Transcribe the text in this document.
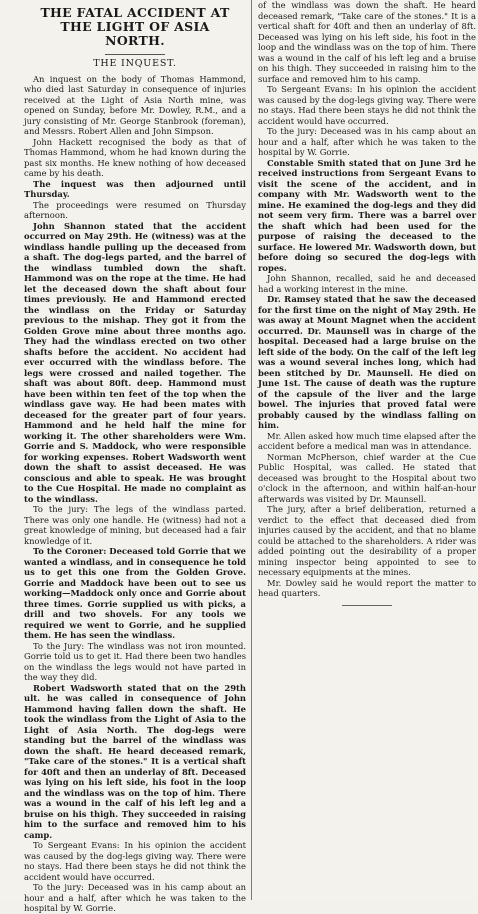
THE FATAL ACCIDENT AT
THE LIGHT OF ASIA
NORTH.
THE INQUEST.

An inquest on the body of Thomas Hammond, who died last Saturday in consequence of injuries received at the Light of Asia North mine, was opened on Sunday, before Mr. Dowley, R.M., and a jury consisting of Mr. George Stanbrook (foreman), and Messrs. Robert Allen and John Simpson.

John Hackett recognised the body as that of Thomas Hammond, whom he had known during the past six months. He knew nothing of how deceased came by his death.

The inquest was then adjourned until Thursday.

The proceedings were resumed on Thursday afternoon.

John Shannon stated that the accident occurred on May 29th. He (witness) was at the windlass handle pulling up the deceased from a shaft. The dog-legs parted, and the barrel of the windlass tumbled down the shaft. Hammond was on the rope at the time. He had let the deceased down the shaft about four times previously. He and Hammond erected the windlass on the Friday or Saturday previous to the mishap. They got it from the Golden Grove mine about three months ago. They had the windlass erected on two other shafts before the accident. No accident had ever occurred with the windlass before. The legs were crossed and nailed together. The shaft was about 80ft. deep. Hammond must have been within ten feet of the top when the windlass gave way. He had been mates with deceased for the greater part of four years. Hammond and he held half the mine for working it. The other shareholders were Wm. Gorrie and S. Maddock, who were responsible for working expenses. Robert Wadsworth went down the shaft to assist deceased. He was conscious and able to speak. He was brought to the Cue Hospital. He made no complaint as to the windlass.

To the jury: The legs of the windlass parted. There was only one handle. He (witness) had not a great knowledge of mining, but deceased had a fair knowledge of it.

To the Coroner: Deceased told Gorrie that we wanted a windlass, and in consequence he told us to get this one from the Golden Grove. Gorrie and Maddock have been out to see us working—Maddock only once and Gorrie about three times. Gorrie supplied us with picks, a drill and two shovels. For any tools we required we went to Gorrie, and he supplied them. He has seen the windlass.

To the Jury: The windlass was not iron mounted. Gorrie told us to get it. Had there been two handles on the windlass the legs would not have parted in the way they did.

Robert Wadsworth stated that on the 29th ult. he was called in consequence of John Hammond having fallen down the shaft. He took the windlass from the Light of Asia to the Light of Asia North. The dog-legs were standing but the barrel of the windlass was down the shaft. He heard deceased remark, "Take care of the stones." It is a vertical shaft for 40ft and then an underlay of 8ft. Deceased was lying on his left side, his foot in the loop and the windlass was on the top of him. There was a wound in the calf of his left leg and a bruise on his thigh. They succeeded in raising him to the surface and removed him to his camp.

To Sergeant Evans: In his opinion the accident was caused by the dog-legs giving way. There were no stays. Had there been stays he did not think the accident would have occurred.

To the jury: Deceased was in his camp about an hour and a half, after which he was taken to the hospital by W. Gorrie.

of the windlass was down the shaft. He heard deceased remark, "Take care of the stones." It is a vertical shaft for 40ft and then an underlay of 8ft. Deceased was lying on his left side, his foot in the loop and the windlass was on the top of him. There was a wound in the calf of his left leg and a bruise on his thigh. They succeeded in raising him to the surface and removed him to his camp.

To Sergeant Evans: In his opinion the accident was caused by the dog-legs giving way. There were no stays. Had there been stays he did not think the accident would have occurred.

To the jury: Deceased was in his camp about an hour and a half, after which he was taken to the hospital by W. Gorrie.

Constable Smith stated that on June 3rd he received instructions from Sergeant Evans to visit the scene of the accident, and in company with Mr. Wadsworth went to the mine. He examined the dog-legs and they did not seem very firm. There was a barrel over the shaft which had been used for the purpose of raising the deceased to the surface. He lowered Mr. Wadsworth down, but before doing so secured the dog-legs with ropes.

John Shannon, recalled, said he and deceased had a working interest in the mine.

Dr. Ramsey stated that he saw the deceased for the first time on the night of May 29th. He was away at Mount Magnet when the accident occurred. Dr. Maunsell was in charge of the hospital. Deceased had a large bruise on the left side of the body. On the calf of the left leg was a wound several inches long, which had been stitched by Dr. Maunsell. He died on June 1st. The cause of death was the rupture of the capsule of the liver and the large bowel. The injuries that proved fatal were probably caused by the windlass falling on him.

Mr. Allen asked how much time elapsed after the accident before a medical man was in attendance.

Norman McPherson, chief warder at the Cue Public Hospital, was called. He stated that deceased was brought to the Hospital about two o'clock in the afternoon, and within half-an-hour afterwards was visited by Dr. Maunsell.

The jury, after a brief deliberation, returned a verdict to the effect that deceased died from injuries caused by the accident, and that no blame could be attached to the shareholders. A rider was added pointing out the desirability of a proper mining inspector being appointed to see to necessary equipments at the mines.

Mr. Dowley said he would report the matter to head quarters.
